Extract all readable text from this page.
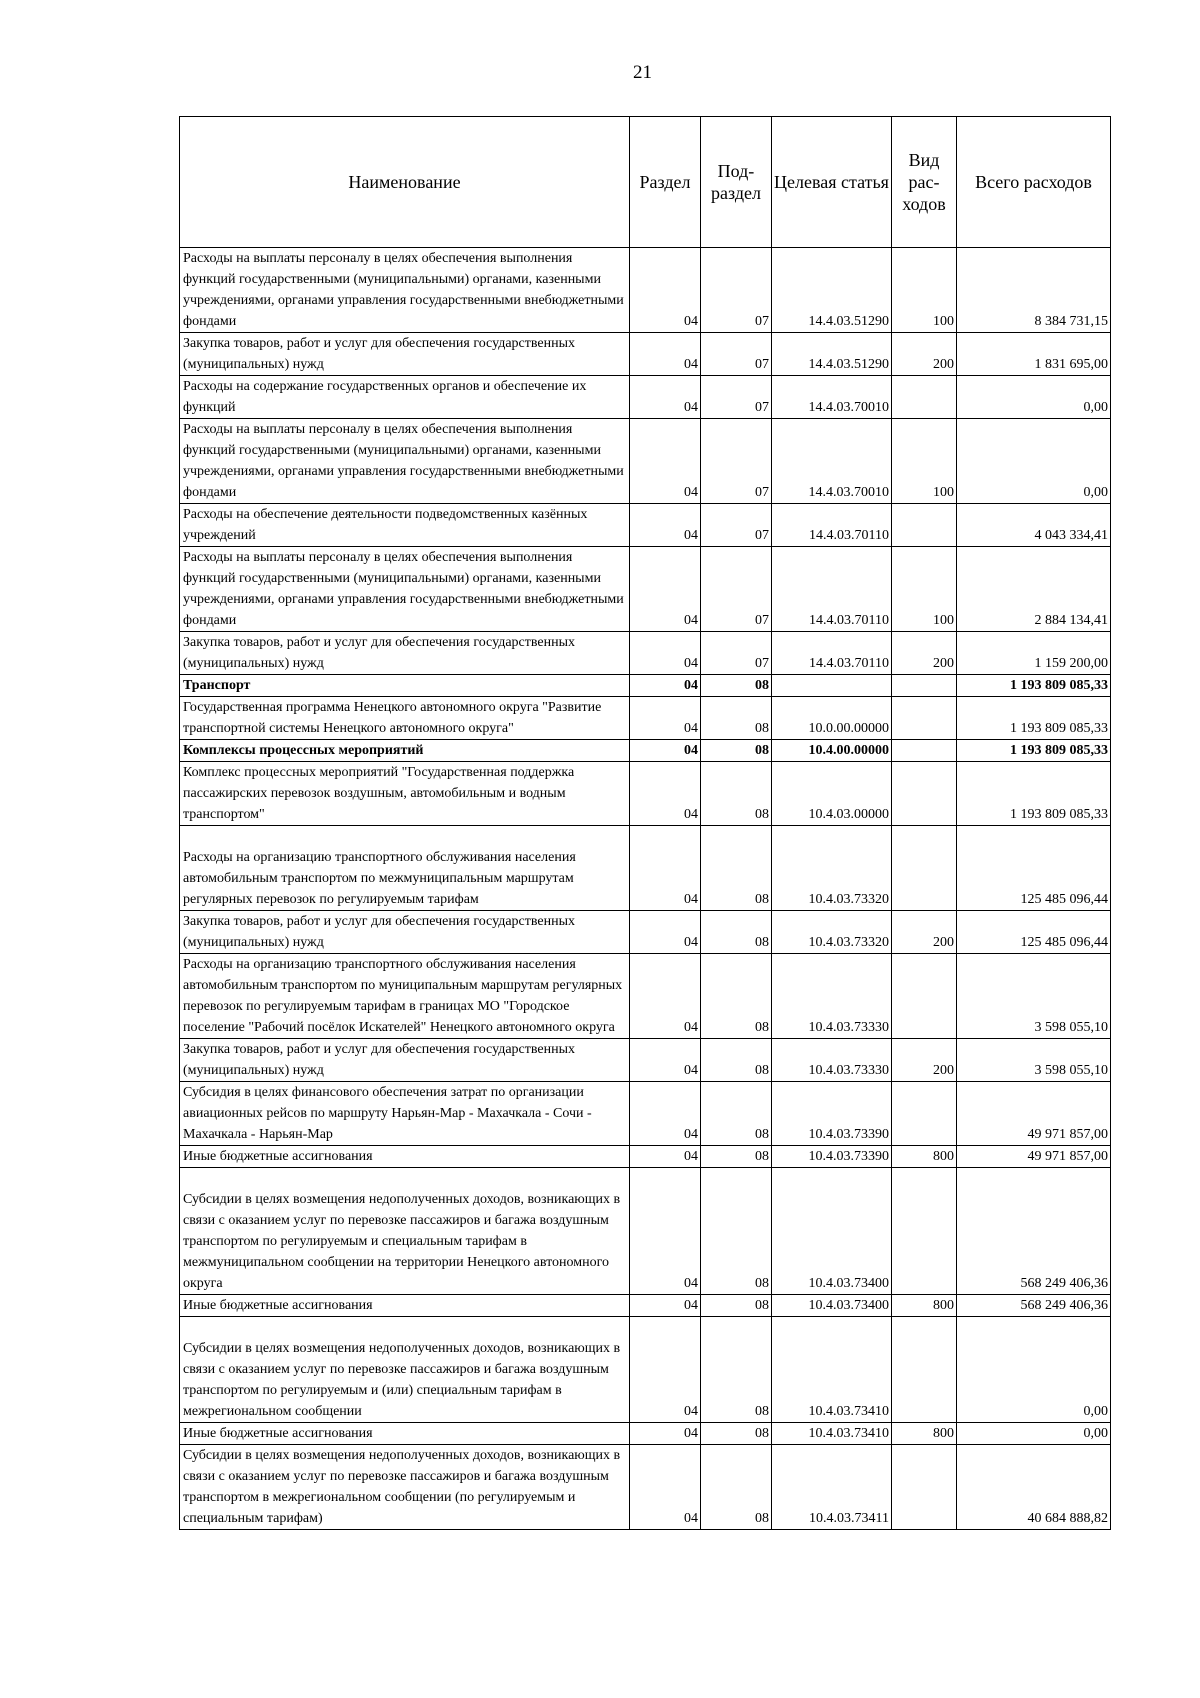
21
Наименование	Раздел	Под-раздел	Целевая статья	Вид рас-ходов	Всего расходов
Расходы на выплаты персоналу в целях обеспечения выполнения функций государственными (муниципальными) органами, казенными учреждениями, органами управления государственными внебюджетными фондами	04	07	14.4.03.51290	100	8 384 731,15
Закупка товаров, работ и услуг для обеспечения государственных (муниципальных) нужд	04	07	14.4.03.51290	200	1 831 695,00
Расходы на содержание государственных органов и обеспечение их функций	04	07	14.4.03.70010		0,00
Расходы на выплаты персоналу в целях обеспечения выполнения функций государственными (муниципальными) органами, казенными учреждениями, органами управления государственными внебюджетными фондами	04	07	14.4.03.70010	100	0,00
Расходы на обеспечение деятельности подведомственных казённых учреждений	04	07	14.4.03.70110		4 043 334,41
Расходы на выплаты персоналу в целях обеспечения выполнения функций государственными (муниципальными) органами, казенными учреждениями, органами управления государственными внебюджетными фондами	04	07	14.4.03.70110	100	2 884 134,41
Закупка товаров, работ и услуг для обеспечения государственных (муниципальных) нужд	04	07	14.4.03.70110	200	1 159 200,00
Транспорт	04	08			1 193 809 085,33
Государственная программа Ненецкого автономного округа "Развитие транспортной системы Ненецкого автономного округа"	04	08	10.0.00.00000		1 193 809 085,33
Комплексы процессных мероприятий	04	08	10.4.00.00000		1 193 809 085,33
Комплекс процессных мероприятий "Государственная поддержка пассажирских перевозок воздушным, автомобильным и водным транспортом"	04	08	10.4.03.00000		1 193 809 085,33

Расходы на организацию транспортного обслуживания населения автомобильным транспортом по межмуниципальным маршрутам регулярных перевозок по регулируемым тарифам	04	08	10.4.03.73320		125 485 096,44
Закупка товаров, работ и услуг для обеспечения государственных (муниципальных) нужд	04	08	10.4.03.73320	200	125 485 096,44
Расходы на организацию транспортного обслуживания населения автомобильным транспортом по муниципальным маршрутам регулярных перевозок по регулируемым тарифам в границах МО "Городское поселение "Рабочий посёлок Искателей" Ненецкого автономного округа	04	08	10.4.03.73330		3 598 055,10
Закупка товаров, работ и услуг для обеспечения государственных (муниципальных) нужд	04	08	10.4.03.73330	200	3 598 055,10
Субсидия в целях финансового обеспечения затрат по организации авиационных рейсов по маршруту Нарьян-Мар - Махачкала - Сочи - Махачкала - Нарьян-Мар	04	08	10.4.03.73390		49 971 857,00
Иные бюджетные ассигнования	04	08	10.4.03.73390	800	49 971 857,00

Субсидии в целях возмещения недополученных доходов, возникающих в связи с оказанием услуг по перевозке пассажиров и багажа воздушным транспортом по регулируемым и специальным тарифам в межмуниципальном сообщении на территории Ненецкого автономного округа	04	08	10.4.03.73400		568 249 406,36
Иные бюджетные ассигнования	04	08	10.4.03.73400	800	568 249 406,36

Субсидии в целях возмещения недополученных доходов, возникающих в связи с оказанием услуг по перевозке пассажиров и багажа воздушным транспортом по регулируемым и (или) специальным тарифам в межрегиональном сообщении	04	08	10.4.03.73410		0,00
Иные бюджетные ассигнования	04	08	10.4.03.73410	800	0,00
Субсидии в целях возмещения недополученных доходов, возникающих в связи с оказанием услуг по перевозке пассажиров и багажа воздушным транспортом в межрегиональном сообщении (по регулируемым и специальным тарифам)	04	08	10.4.03.73411		40 684 888,82
